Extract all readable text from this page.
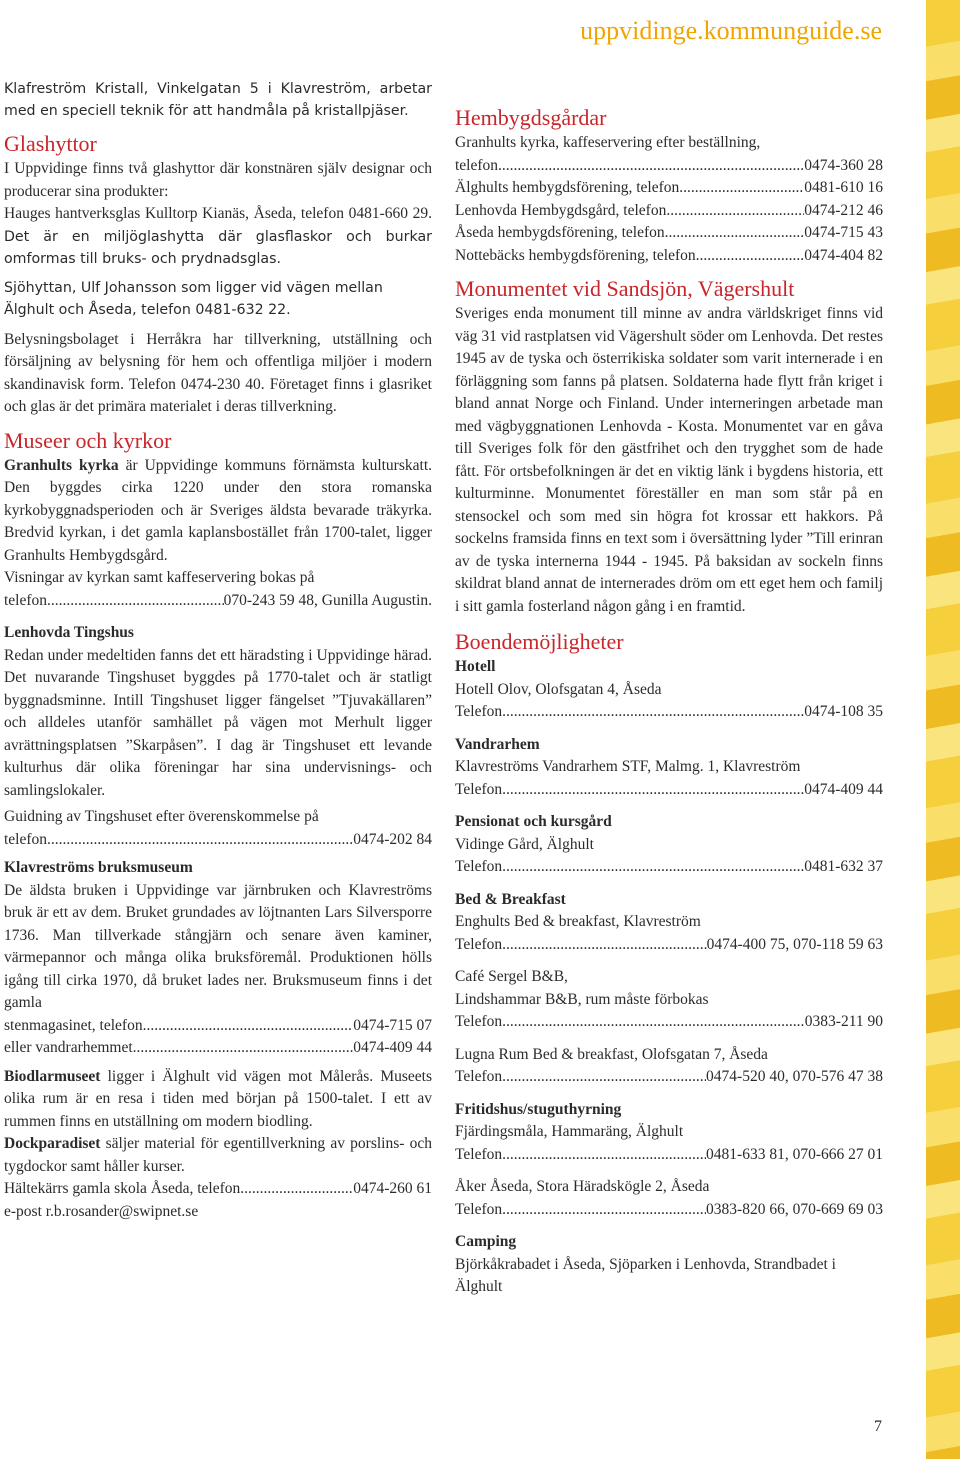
uppvidinge.kommunguide.se

Klafreström Kristall, Vinkelgatan 5 i Klavreström, arbetar med en speciell teknik för att handmåla på kristallpjäser.

Glashyttor

I Uppvidinge finns två glashyttor där konstnären själv designar och producerar sina produkter:

Hauges hantverksglas Kulltorp Kianäs, Åseda, telefon 0481-660 29. Det är en miljöglashytta där glasflaskor och burkar omformas till bruks- och prydnadsglas.

Sjöhyttan, Ulf Johansson som ligger vid vägen mellan Älghult och Åseda, telefon 0481-632 22.

Belysningsbolaget i Herråkra har tillverkning, utställning och försäljning av belysning för hem och offentliga miljöer i modern skandinavisk form. Telefon 0474-230 40. Företaget finns i glasriket och glas är det primära materialet i deras tillverkning.

Museer och kyrkor

Granhults kyrka är Uppvidinge kommuns förnämsta kulturskatt. Den byggdes cirka 1220 under den stora romanska kyrkobyggnadsperioden och är Sveriges äldsta bevarade träkyrka. Bredvid kyrkan, i det gamla kaplansbostället från 1700-talet, ligger Granhults Hembygdsgård.

Visningar av kyrkan samt kaffeservering bokas på
telefon .....	070-243 59 48, Gunilla Augustin.
Lenhovda Tingshus

Redan under medeltiden fanns det ett häradsting i Uppvidinge härad. Det nuvarande Tingshuset byggdes på 1770-talet och är statligt byggnadsminne. Intill Tingshuset ligger fängelset ”Tjuvakällaren” och alldeles utanför samhället på vägen mot Merhult ligger avrättningsplatsen ”Skarpåsen”. I dag är Tingshuset ett levande kulturhus där olika föreningar har sina undervisnings- och samlingslokaler.

Guidning av Tingshuset efter överenskommelse på
telefon .....	0474-202 84
Klavreströms bruksmuseum

De äldsta bruken i Uppvidinge var järnbruken och Klavreströms bruk är ett av dem. Bruket grundades av löjtnanten Lars Silversporre 1736. Man tillverkade stångjärn och senare även kaminer, värmepannor och många olika bruksföremål. Produktionen hölls igång till cirka 1970, då bruket lades ner. Bruksmuseum finns i det gamla

stenmagasinet, telefon .....	0474-715 07
eller vandrarhemmet .....	0474-409 44

Biodlarmuseet ligger i Älghult vid vägen mot Målerås. Museets olika rum är en resa i tiden med början på 1500-talet. I ett av rummen finns en utställning om modern biodling.

Dockparadiset säljer material för egentillverkning av porslins- och tygdockor samt håller kurser.

Hältekärrs gamla skola Åseda, telefon .....	0474-260 61
e-post r.b.rosander@swipnet.se
Hembygdsgårdar
Granhults kyrka, kaffeservering efter beställning,
telefon .....	0474-360 28
Älghults hembygdsförening, telefon .....	0481-610 16
Lenhovda Hembygdsgård, telefon .....	0474-212 46
Åseda hembygdsförening, telefon. .....	0474-715 43
Nottebäcks hembygdsförening, telefon. .....	0474-404 82
Monumentet vid Sandsjön, Vägershult

Sveriges enda monument till minne av andra världskriget finns vid väg 31 vid rastplatsen vid Vägershult söder om Lenhovda. Det restes 1945 av de tyska och österrikiska soldater som varit internerade i en förläggning som fanns på platsen. Soldaterna hade flytt från kriget i bland annat Norge och Finland. Under interneringen arbetade man med vägbyggnationen Lenhovda - Kosta. Monumentet var en gåva till Sveriges folk för den gästfrihet och den trygghet som de hade fått. För ortsbefolkningen är det en viktig länk i bygdens historia, ett kulturminne. Monumentet föreställer en man som står på en stensockel och som med sin högra fot krossar ett hakkors. På sockelns framsida finns en text som i översättning lyder ”Till erinran av de tyska internerna 1944 - 1945. På baksidan av sockeln finns skildrat bland annat de internerades dröm om ett eget hem och familj i sitt gamla fosterland någon gång i en framtid.

Boendemöjligheter
Hotell
Hotell Olov, Olofsgatan 4, Åseda
Telefon .....	0474-108 35
Vandrarhem
Klavreströms Vandrarhem STF, Malmg. 1, Klavreström
Telefon .....	0474-409 44
Pensionat och kursgård
Vidinge Gård, Älghult
Telefon .....	0481-632 37
Bed & Breakfast
Enghults Bed & breakfast, Klavreström
Telefon .....	0474-400 75, 070-118 59 63
Café Sergel B&B,
Lindshammar B&B, rum måste förbokas
Telefon .....	0383-211 90
Lugna Rum Bed & breakfast, Olofsgatan 7, Åseda
Telefon .....	0474-520 40, 070-576 47 38
Fritidshus/stuguthyrning
Fjärdingsmåla, Hammaräng, Älghult
Telefon .....	0481-633 81, 070-666 27 01
Åker Åseda, Stora Häradsköglе 2, Åseda
Telefon .....	0383-820 66, 070-669 69 03
Camping
Björkåkrabadet i Åseda, Sjöparken i Lenhovda, Strandbadet i Älghult
7
